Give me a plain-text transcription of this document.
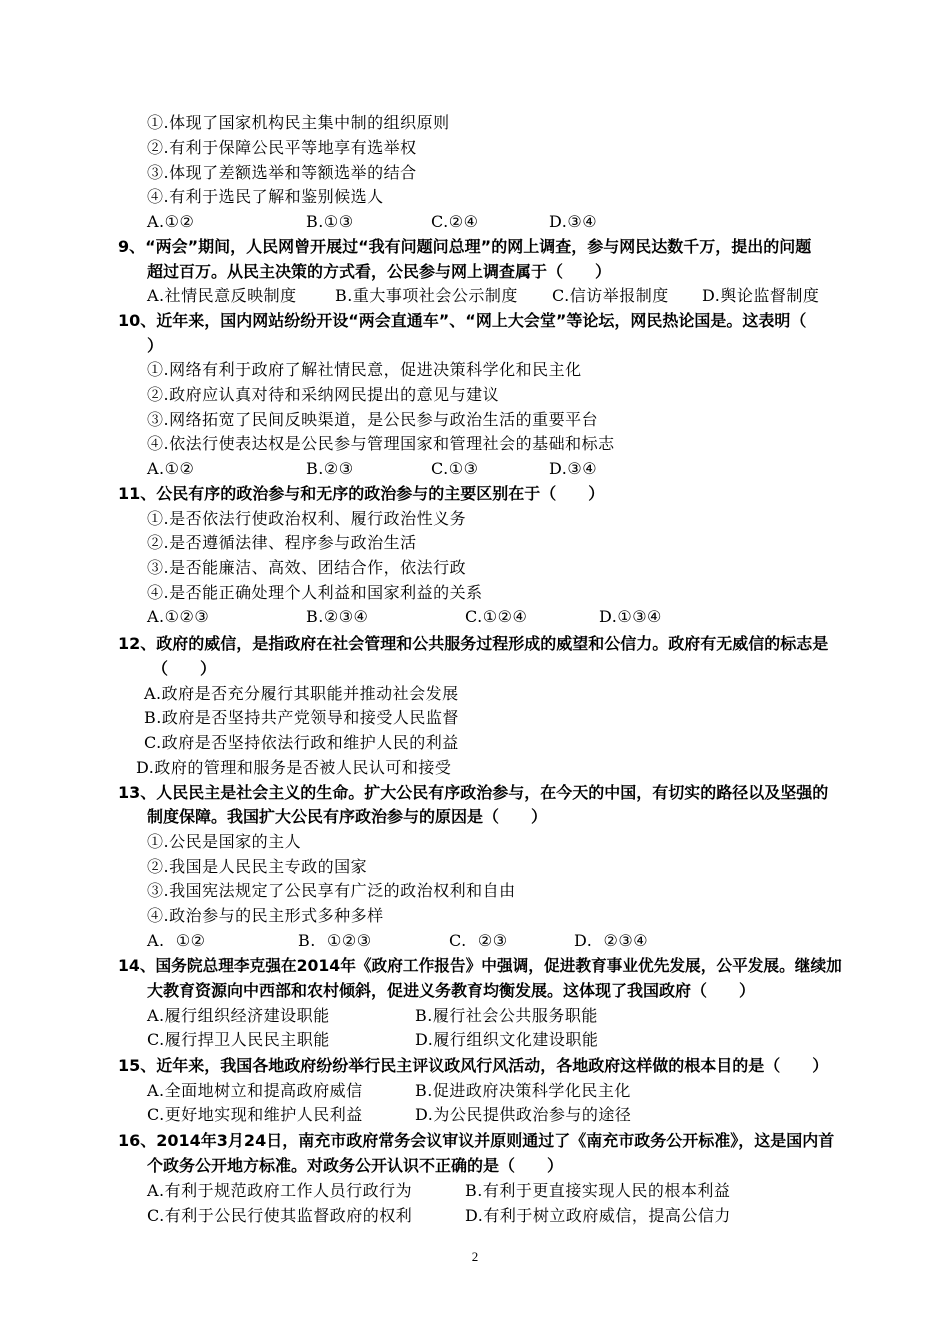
①.体现了国家机构民主集中制的组织原则
②.有利于保障公民平等地享有选举权
③.体现了差额选举和等额选举的结合
④.有利于选民了解和鉴别候选人
A.①②	B.①③	C.②④	D.③④
9、“两会”期间，人民网曾开展过“我有问题问总理”的网上调查，参与网民达数千万，提出的问题
超过百万。从民主决策的方式看，公民参与网上调查属于（　　）
A.社情民意反映制度 B.重大事项社会公示制度 C.信访举报制度 D.舆论监督制度
10、近年来，国内网站纷纷开设“两会直通车”、“网上大会堂”等论坛，网民热论国是。这表明（
）
①.网络有利于政府了解社情民意，促进决策科学化和民主化
②.政府应认真对待和采纳网民提出的意见与建议
③.网络拓宽了民间反映渠道，是公民参与政治生活的重要平台
④.依法行使表达权是公民参与管理国家和管理社会的基础和标志
A.①②	B.②③	C.①③	D.③④
11、公民有序的政治参与和无序的政治参与的主要区别在于（　　）
①.是否依法行使政治权利、履行政治性义务
②.是否遵循法律、程序参与政治生活
③.是否能廉洁、高效、团结合作，依法行政
④.是否能正确处理个人利益和国家利益的关系
A.①②③	B.②③④	C.①②④	D.①③④
12、政府的威信，是指政府在社会管理和公共服务过程形成的威望和公信力。政府有无威信的标志是
（　　）
A.政府是否充分履行其职能并推动社会发展
B.政府是否坚持共产党领导和接受人民监督
C.政府是否坚持依法行政和维护人民的利益
D.政府的管理和服务是否被人民认可和接受
13、人民民主是社会主义的生命。扩大公民有序政治参与，在今天的中国，有切实的路径以及坚强的
制度保障。我国扩大公民有序政治参与的原因是（　　）
①.公民是国家的主人
②.我国是人民民主专政的国家
③.我国宪法规定了公民享有广泛的政治权利和自由
④.政治参与的民主形式多种多样
A.  ①②	B.  ①②③	C.  ②③	D.  ②③④
14、国务院总理李克强在2014年《政府工作报告》中强调，促进教育事业优先发展，公平发展。继续加
大教育资源向中西部和农村倾斜，促进义务教育均衡发展。这体现了我国政府（　　）
A.履行组织经济建设职能	B.履行社会公共服务职能
C.履行捍卫人民民主职能	D.履行组织文化建设职能
15、近年来，我国各地政府纷纷举行民主评议政风行风活动，各地政府这样做的根本目的是（　　）
A.全面地树立和提高政府威信	B.促进政府决策科学化民主化
C.更好地实现和维护人民利益	D.为公民提供政治参与的途径
16、2014年3月24日，南充市政府常务会议审议并原则通过了《南充市政务公开标准》，这是国内首
个政务公开地方标准。对政务公开认识不正确的是（　　）
A.有利于规范政府工作人员行政行为	B.有利于更直接实现人民的根本利益
C.有利于公民行使其监督政府的权利	D.有利于树立政府威信，提高公信力
2
